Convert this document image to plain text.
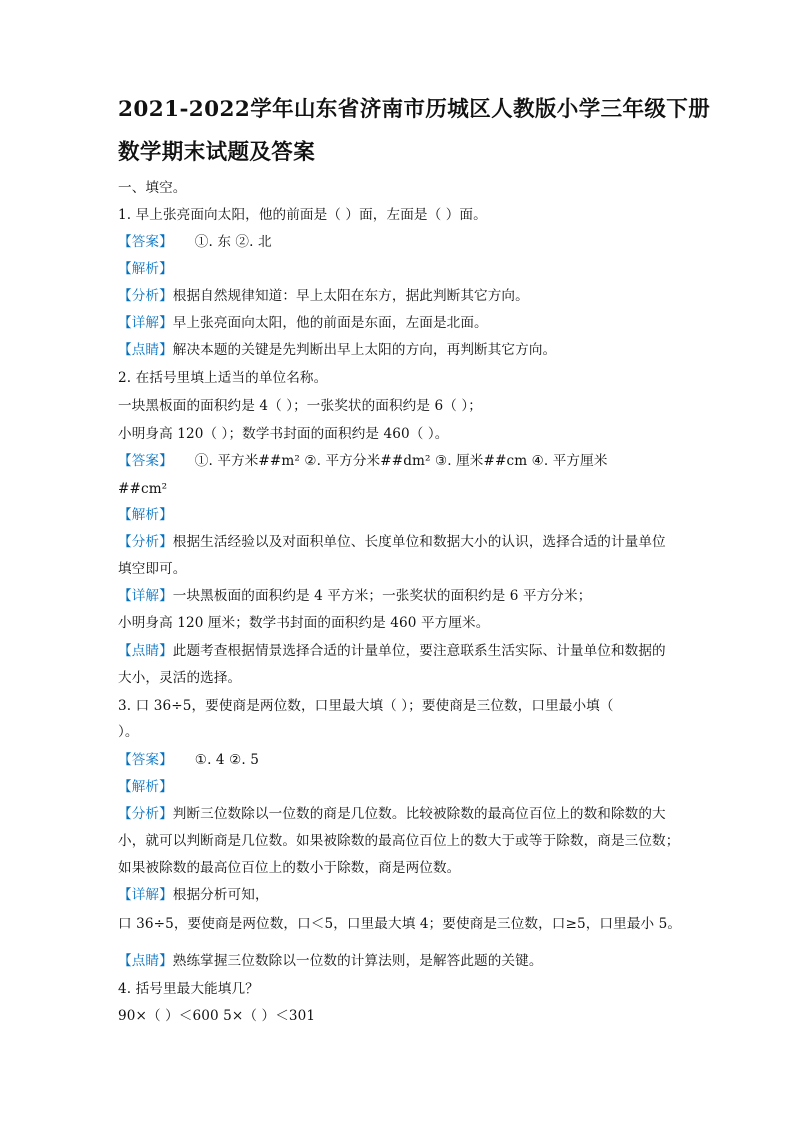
2021-2022学年山东省济南市历城区人教版小学三年级下册
数学期末试题及答案
一、填空。
1. 早上张亮面向太阳，他的前面是（ ）面，左面是（ ）面。
【答案】 ①. 东 ②. 北
【解析】
【分析】根据自然规律知道：早上太阳在东方，据此判断其它方向。
【详解】早上张亮面向太阳，他的前面是东面，左面是北面。
【点睛】解决本题的关键是先判断出早上太阳的方向，再判断其它方向。
2. 在括号里填上适当的单位名称。
一块黑板面的面积约是 4（ ）；一张奖状的面积约是 6（ ）；
小明身高 120（ ）；数学书封面的面积约是 460（ ）。
【答案】 ①. 平方米##m² ②. 平方分米##dm² ③. 厘米##cm ④. 平方厘米
##cm²
【解析】
【分析】根据生活经验以及对面积单位、长度单位和数据大小的认识，选择合适的计量单位
填空即可。
【详解】一块黑板面的面积约是 4 平方米；一张奖状的面积约是 6 平方分米；
小明身高 120 厘米；数学书封面的面积约是 460 平方厘米。
【点睛】此题考查根据情景选择合适的计量单位，要注意联系生活实际、计量单位和数据的
大小，灵活的选择。
3. 口 36÷5，要使商是两位数，口里最大填（ ）；要使商是三位数，口里最小填（
）。
【答案】 ①. 4 ②. 5
【解析】
【分析】判断三位数除以一位数的商是几位数。比较被除数的最高位百位上的数和除数的大
小，就可以判断商是几位数。如果被除数的最高位百位上的数大于或等于除数，商是三位数；
如果被除数的最高位百位上的数小于除数，商是两位数。
【详解】根据分析可知，
口 36÷5，要使商是两位数，口＜5，口里最大填 4；要使商是三位数，口≥5，口里最小 5。
【点睛】熟练掌握三位数除以一位数的计算法则，是解答此题的关键。
4. 括号里最大能填几？
90×（ ）＜600 5×（ ）＜301
